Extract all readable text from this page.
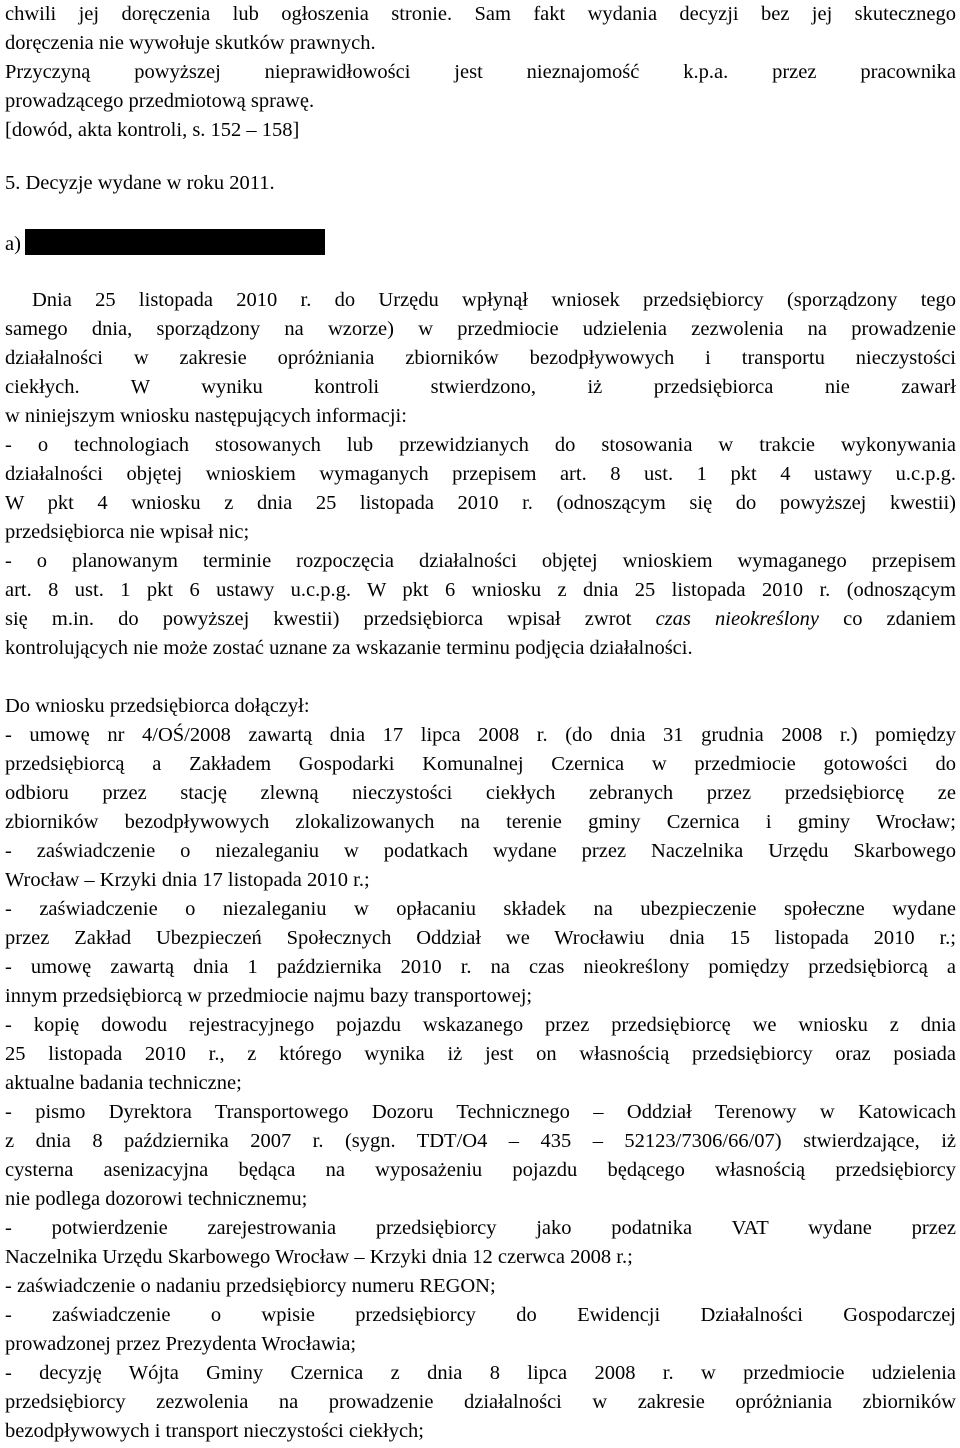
chwili jej doręczenia lub ogłoszenia stronie. Sam fakt wydania decyzji bez jej skutecznego
doręczenia nie wywołuje skutków prawnych.
Przyczyną powyższej nieprawidłowości jest nieznajomość k.p.a. przez pracownika
prowadzącego przedmiotową sprawę.
[dowód, akta kontroli, s. 152 – 158]
5. Decyzje wydane w roku 2011.
a)
Dnia 25 listopada 2010 r. do Urzędu wpłynął wniosek przedsiębiorcy (sporządzony tego
samego dnia, sporządzony na wzorze) w przedmiocie udzielenia zezwolenia na prowadzenie
działalności w zakresie opróżniania zbiorników bezodpływowych i transportu nieczystości
ciekłych. W wyniku kontroli stwierdzono, iż przedsiębiorca nie zawarł
w niniejszym wniosku następujących informacji:
- o technologiach stosowanych lub przewidzianych do stosowania w trakcie wykonywania
działalności objętej wnioskiem wymaganych przepisem art. 8 ust. 1 pkt 4 ustawy u.c.p.g.
W pkt 4 wniosku z dnia 25 listopada 2010 r. (odnoszącym się do powyższej kwestii)
przedsiębiorca nie wpisał nic;
- o planowanym terminie rozpoczęcia działalności objętej wnioskiem wymaganego przepisem
art. 8 ust. 1 pkt 6 ustawy u.c.p.g. W pkt 6 wniosku z dnia 25 listopada 2010 r. (odnoszącym
się m.in. do powyższej kwestii) przedsiębiorca wpisał zwrot czas nieokreślony co zdaniem
kontrolujących nie może zostać uznane za wskazanie terminu podjęcia działalności.
Do wniosku przedsiębiorca dołączył:
- umowę nr 4/OŚ/2008 zawartą dnia 17 lipca 2008 r. (do dnia 31 grudnia 2008 r.) pomiędzy
przedsiębiorcą a Zakładem Gospodarki Komunalnej Czernica w przedmiocie gotowości do
odbioru przez stację zlewną nieczystości ciekłych zebranych przez przedsiębiorcę ze
zbiorników bezodpływowych zlokalizowanych na terenie gminy Czernica i gminy Wrocław;
- zaświadczenie o niezaleganiu w podatkach wydane przez Naczelnika Urzędu Skarbowego
Wrocław – Krzyki dnia 17 listopada 2010 r.;
- zaświadczenie o niezaleganiu w opłacaniu składek na ubezpieczenie społeczne wydane
przez Zakład Ubezpieczeń Społecznych Oddział we Wrocławiu dnia 15 listopada 2010 r.;
- umowę zawartą dnia 1 października 2010 r. na czas nieokreślony pomiędzy przedsiębiorcą a
innym przedsiębiorcą w przedmiocie najmu bazy transportowej;
- kopię dowodu rejestracyjnego pojazdu wskazanego przez przedsiębiorcę we wniosku z dnia
25 listopada 2010 r., z którego wynika iż jest on własnością przedsiębiorcy oraz posiada
aktualne badania techniczne;
- pismo Dyrektora Transportowego Dozoru Technicznego – Oddział Terenowy w Katowicach
z dnia 8 października 2007 r. (sygn. TDT/O4 – 435 – 52123/7306/66/07) stwierdzające, iż
cysterna asenizacyjna będąca na wyposażeniu pojazdu będącego własnością przedsiębiorcy
nie podlega dozorowi technicznemu;
- potwierdzenie zarejestrowania przedsiębiorcy jako podatnika VAT wydane przez
Naczelnika Urzędu Skarbowego Wrocław – Krzyki dnia 12 czerwca 2008 r.;
- zaświadczenie o nadaniu przedsiębiorcy numeru REGON;
- zaświadczenie o wpisie przedsiębiorcy do Ewidencji Działalności Gospodarczej
prowadzonej przez Prezydenta Wrocławia;
- decyzję Wójta Gminy Czernica z dnia 8 lipca 2008 r. w przedmiocie udzielenia
przedsiębiorcy zezwolenia na prowadzenie działalności w zakresie opróżniania zbiorników
bezodpływowych i transport nieczystości ciekłych;
